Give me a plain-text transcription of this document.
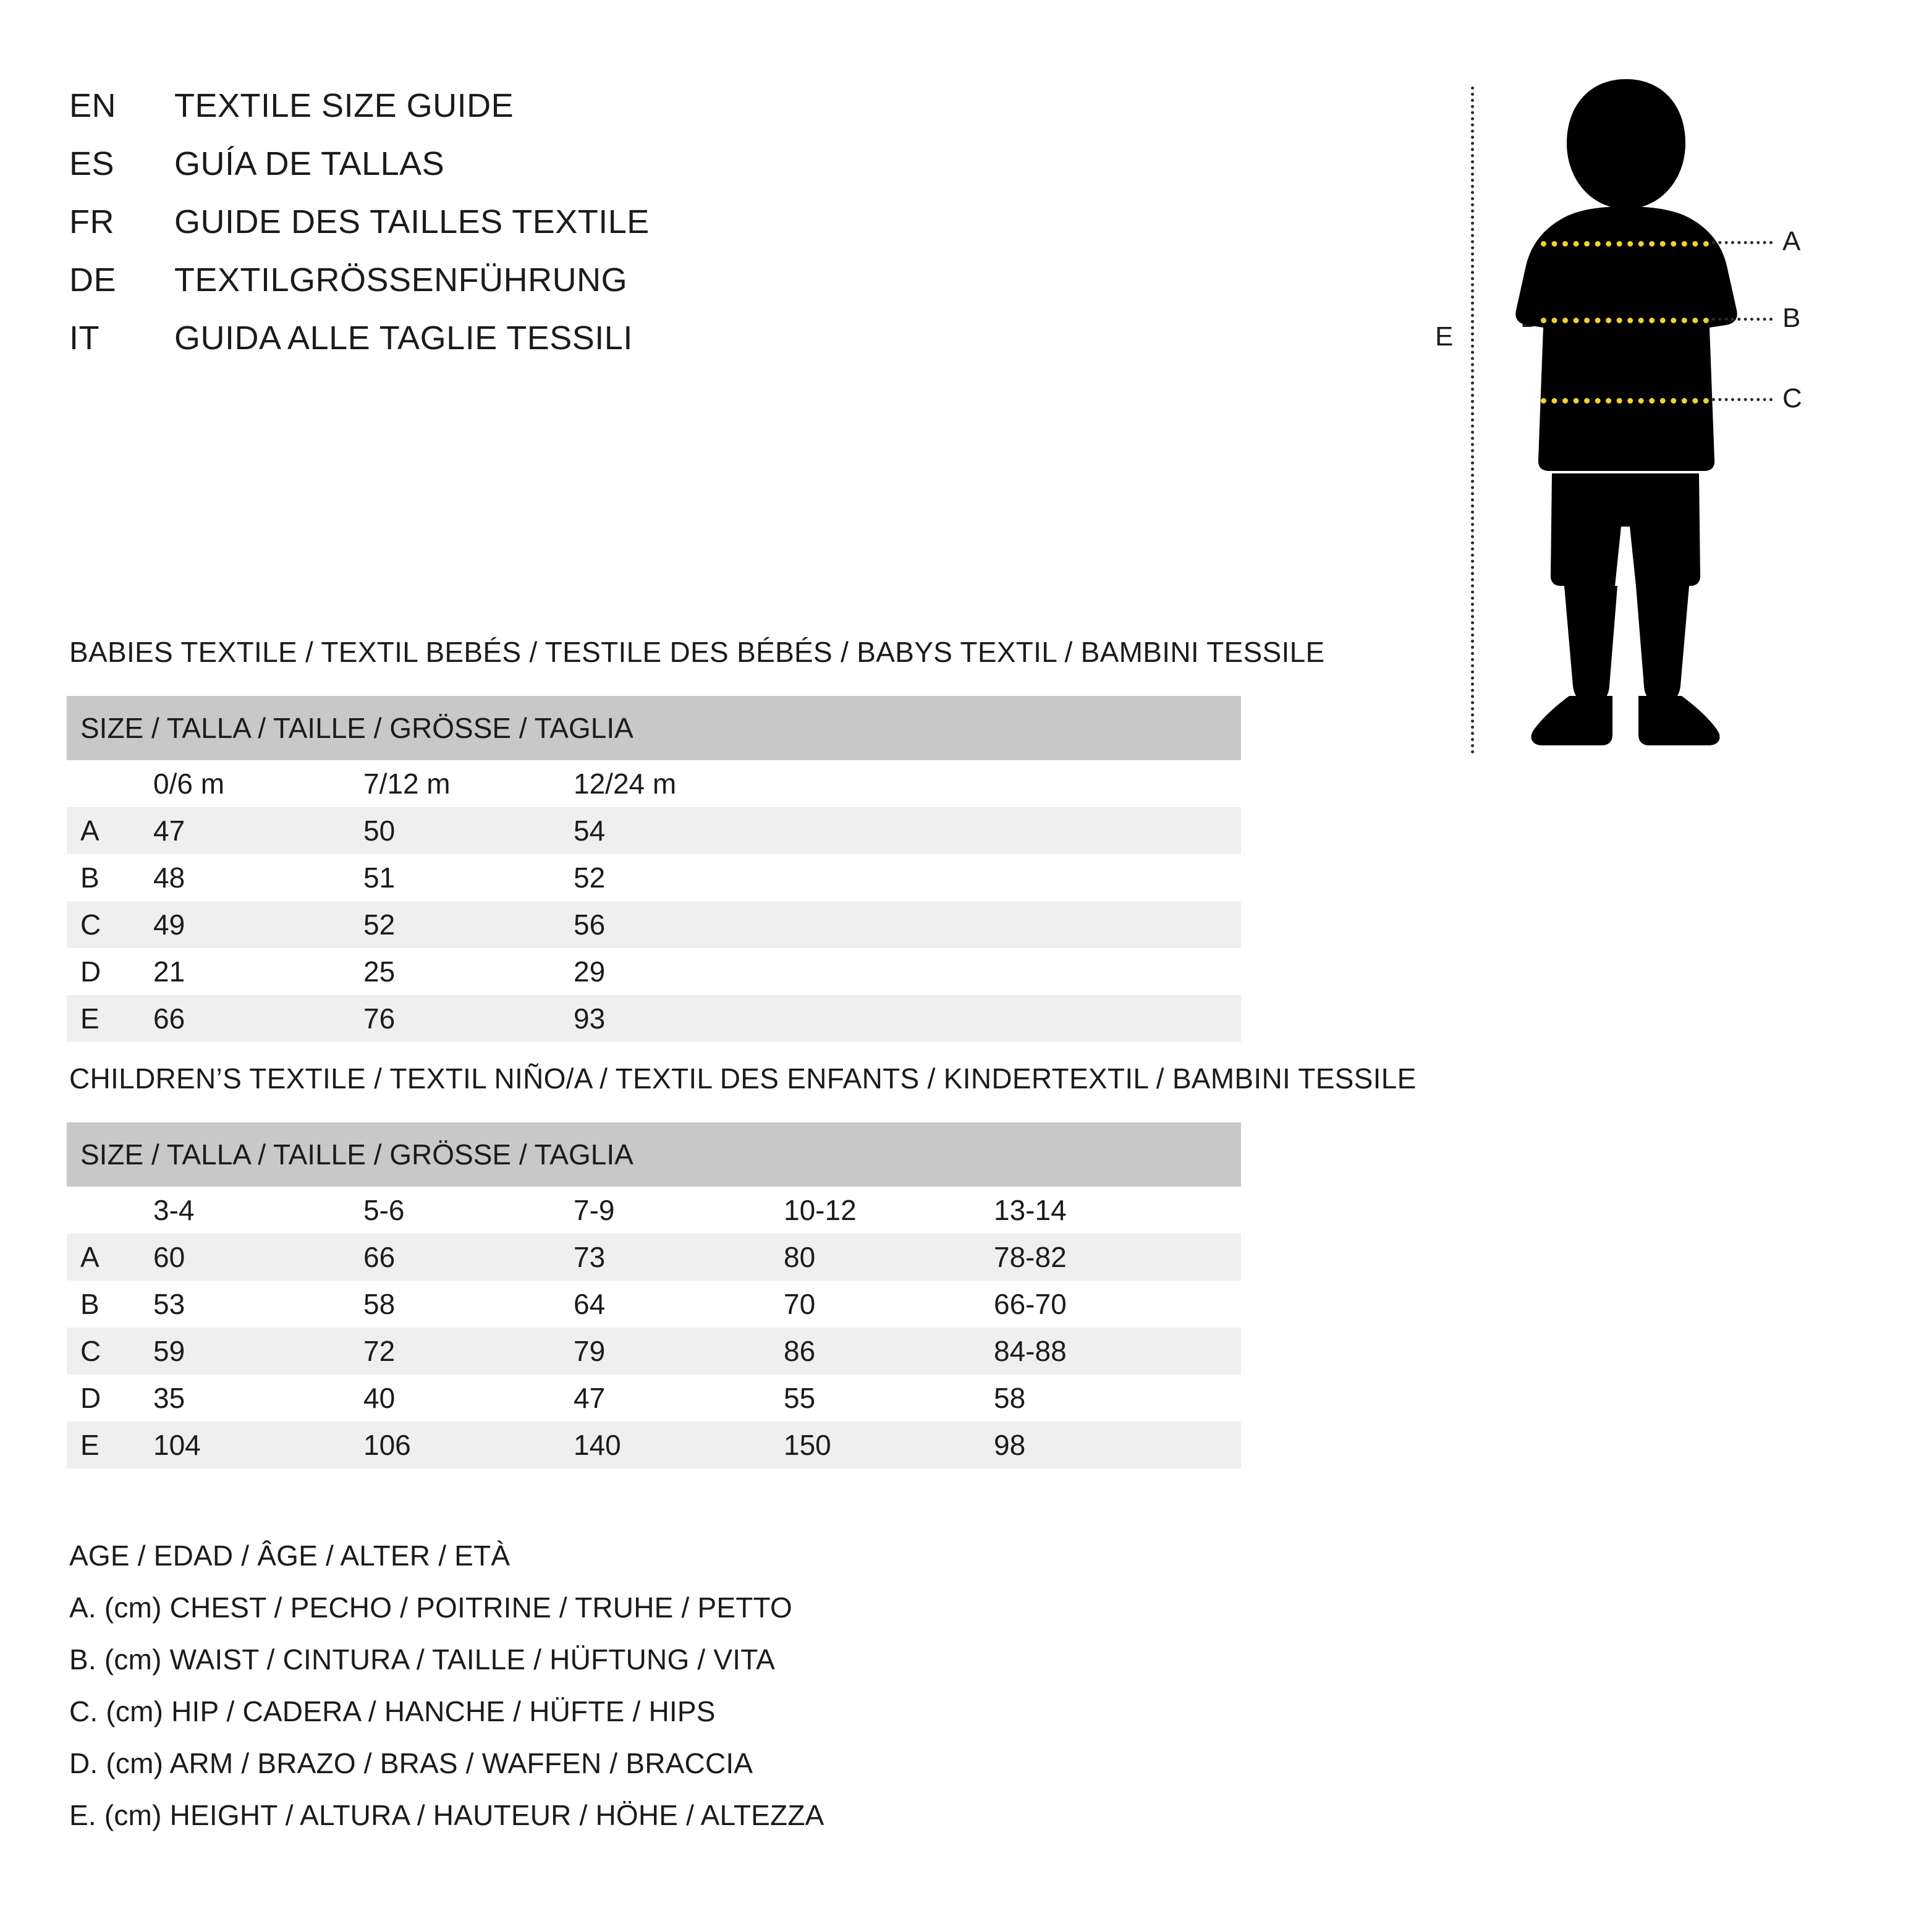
EN	TEXTILE SIZE GUIDE
ES	GUÍA DE TALLAS
FR	GUIDE DES TAILLES TEXTILE
DE	TEXTILGRÖSSENFÜHRUNG
IT	GUIDA ALLE TAGLIE TESSILI	E
A
B
C
BABIES TEXTILE / TEXTIL BEBÉS / TESTILE DES BÉBÉS / BABYS TEXTIL / BAMBINI TESSILE
SIZE / TALLA / TAILLE / GRÖSSE / TAGLIA			
	0/6 m	7/12 m	12/24 m
A	47	50	54
B	48	51	52
C	49	52	56
D	21	25	29
E	66	76	93
CHILDREN’S TEXTILE / TEXTIL NIÑO/A / TEXTIL DES ENFANTS / KINDERTEXTIL / BAMBINI TESSILE
SIZE / TALLA / TAILLE / GRÖSSE / TAGLIA					
	3-4	5-6	7-9	10-12	13-14
A	60	66	73	80	78-82
B	53	58	64	70	66-70
C	59	72	79	86	84-88
D	35	40	47	55	58
E	104	106	140	150	98
AGE / EDAD / ÂGE / ALTER / ETÀ
A. (cm) CHEST / PECHO / POITRINE / TRUHE / PETTO
B. (cm) WAIST / CINTURA / TAILLE / HÜFTUNG / VITA
C. (cm) HIP / CADERA / HANCHE / HÜFTE / HIPS
D. (cm) ARM / BRAZO / BRAS / WAFFEN / BRACCIA
E. (cm) HEIGHT / ALTURA / HAUTEUR / HÖHE / ALTEZZA
